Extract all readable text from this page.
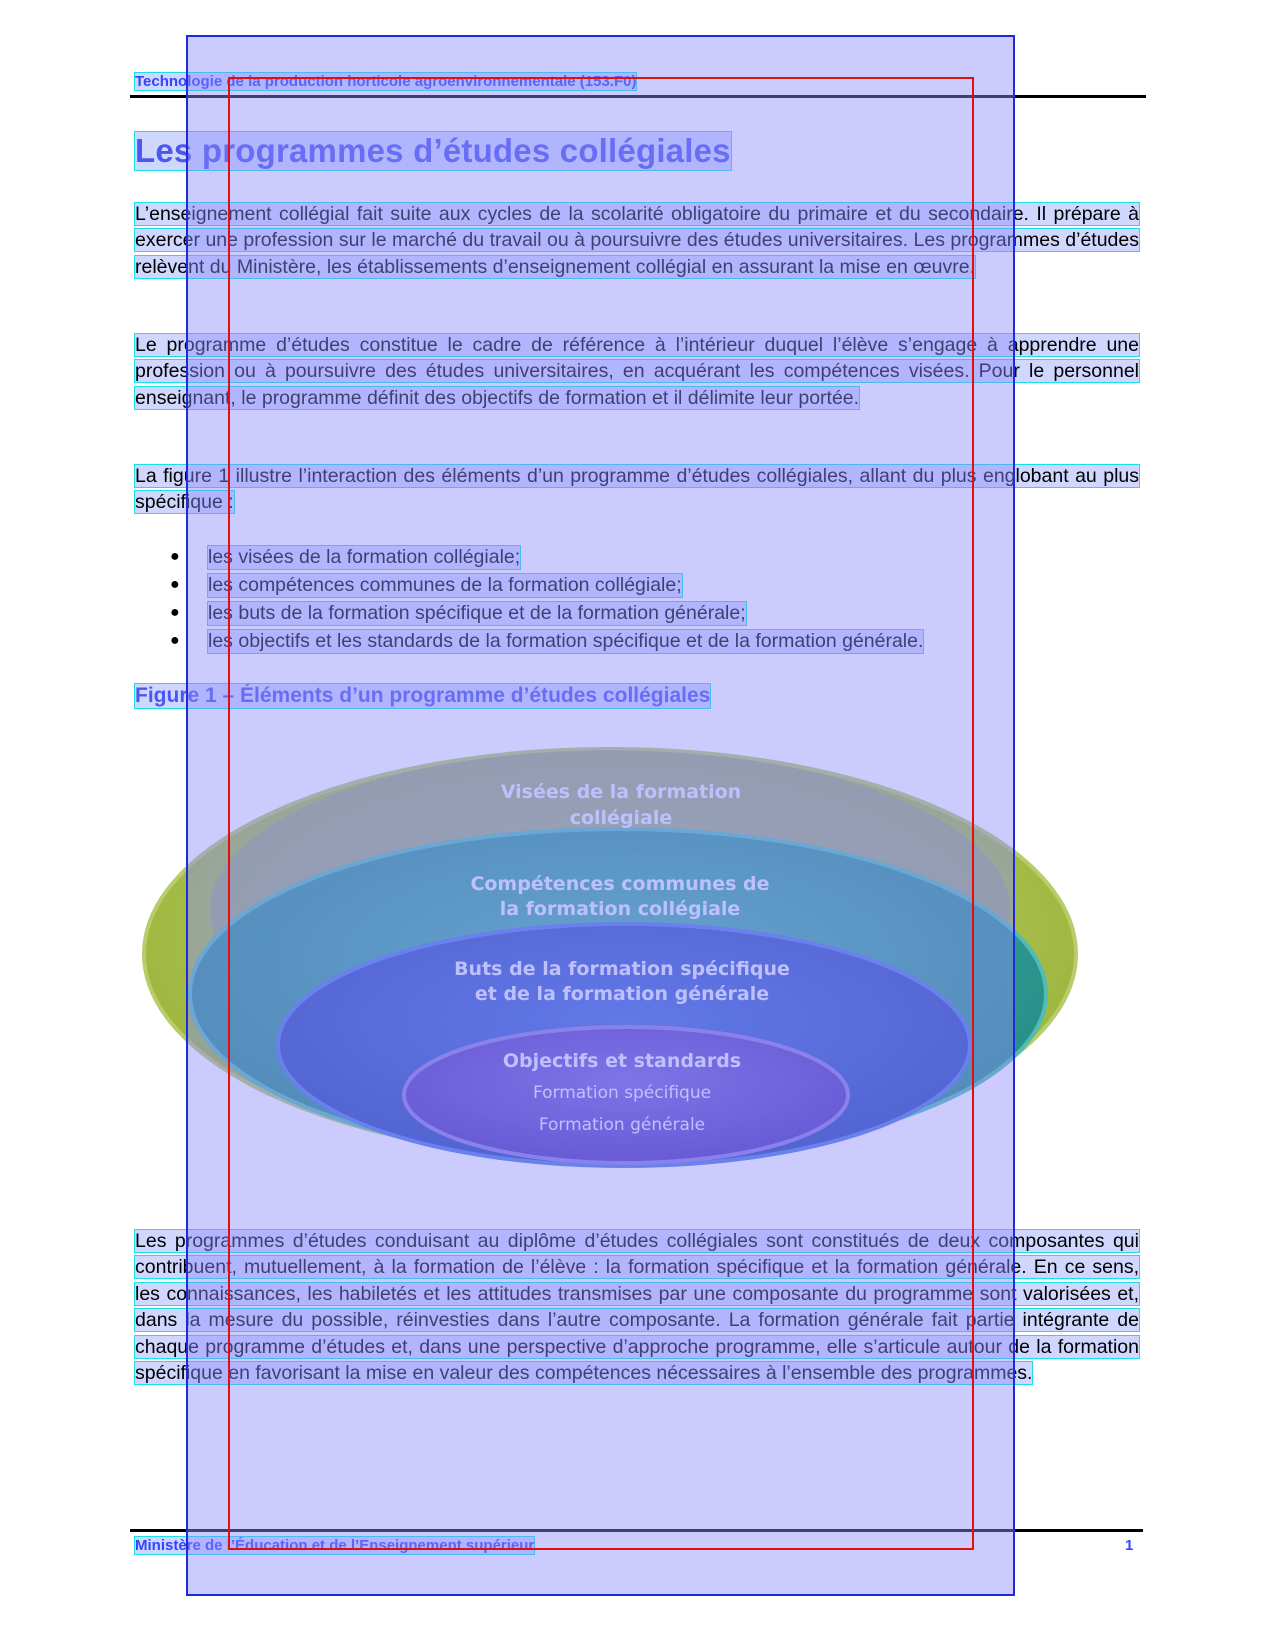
Technologie de la production horticole agroenvironnementale (153.F0)
Les programmes d’études collégiales
L’enseignement collégial fait suite aux cycles de la scolarité obligatoire du primaire et du secondaire. Il prépare à exercer une profession sur le marché du travail ou à poursuivre des études universitaires. Les programmes d’études relèvent du Ministère, les établissements d’enseignement collégial en assurant la mise en œuvre.
Le programme d’études constitue le cadre de référence à l’intérieur duquel l’élève s’engage à apprendre une profession ou à poursuivre des études universitaires, en acquérant les compétences visées. Pour le personnel enseignant, le programme définit des objectifs de formation et il délimite leur portée.
La figure 1 illustre l’interaction des éléments d’un programme d’études collégiales, allant du plus englobant au plus spécifique :
●	les visées de la formation collégiale;
●	les compétences communes de la formation collégiale;
●	les buts de la formation spécifique et de la formation générale;
●	les objectifs et les standards de la formation spécifique et de la formation générale.
Figure 1 – Éléments d’un programme d’études collégiales
Visées de la formation
collégiale
Compétences communes de
la formation collégiale
Buts de la formation spécifique
et de la formation générale
Objectifs et standards
Formation spécifique
Formation générale
Les programmes d’études conduisant au diplôme d’études collégiales sont constitués de deux composantes qui contribuent, mutuellement, à la formation de l’élève : la formation spécifique et la formation générale. En ce sens, les connaissances, les habiletés et les attitudes transmises par une composante du programme sont valorisées et, dans la mesure du possible, réinvesties dans l’autre composante. La formation générale fait partie intégrante de chaque programme d’études et, dans une perspective d’approche programme, elle s’articule autour de la formation spécifique en favorisant la mise en valeur des compétences nécessaires à l’ensemble des programmes.
Ministère de l’Éducation et de l’Enseignement supérieur	1
